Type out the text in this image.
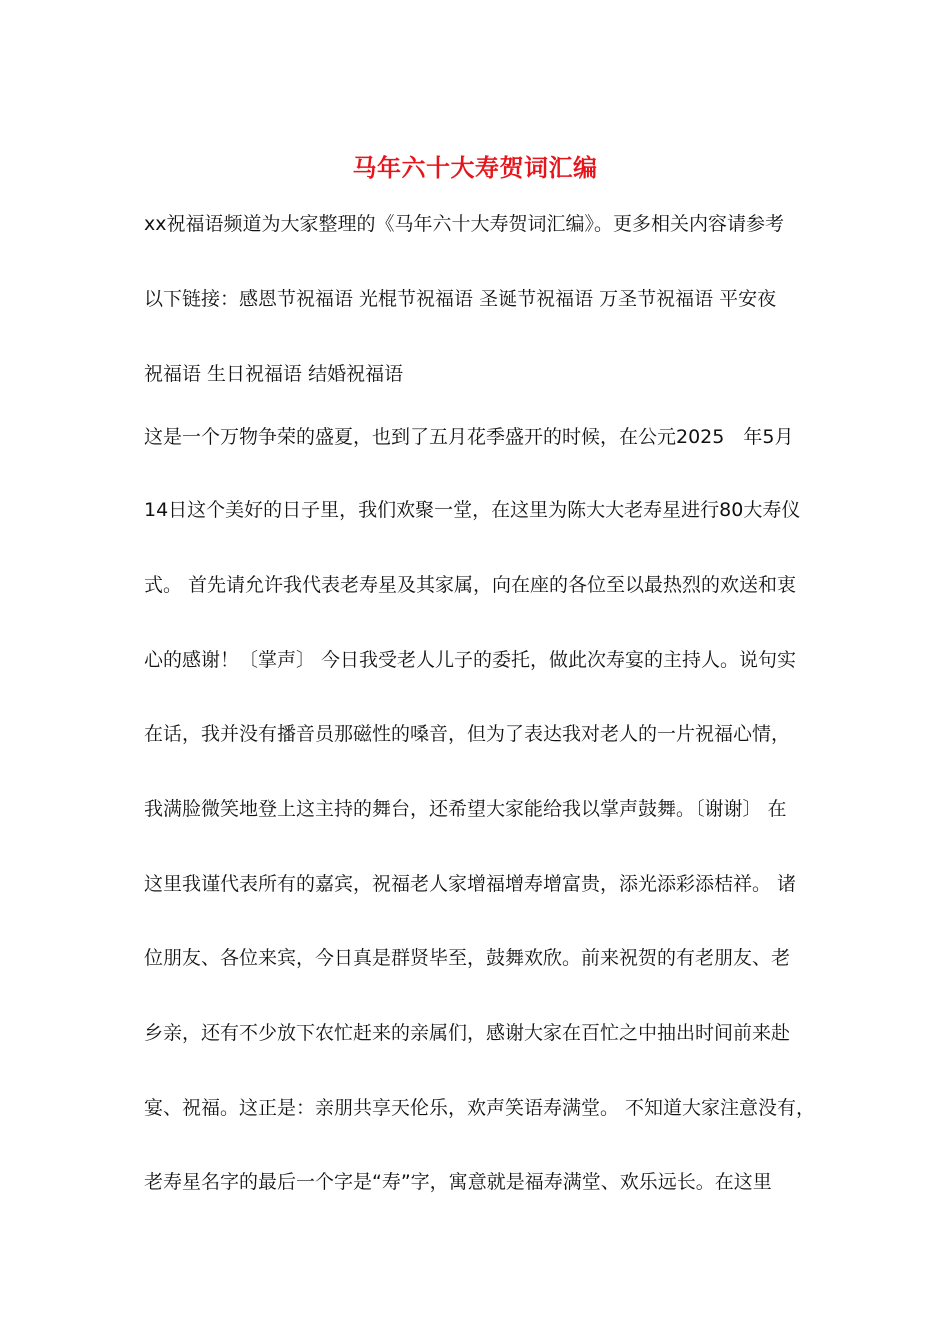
马年六十大寿贺词汇编
xx祝福语频道为大家整理的《马年六十大寿贺词汇编》。更多相关内容请参考
以下链接：感恩节祝福语 光棍节祝福语 圣诞节祝福语 万圣节祝福语 平安夜
祝福语 生日祝福语 结婚祝福语
这是一个万物争荣的盛夏，也到了五月花季盛开的时候，在公元2025　年5月
14日这个美好的日子里，我们欢聚一堂，在这里为陈大大老寿星进行80大寿仪
式。 首先请允许我代表老寿星及其家属，向在座的各位至以最热烈的欢送和衷
心的感谢！〔掌声〕 今日我受老人儿子的委托，做此次寿宴的主持人。说句实
在话，我并没有播音员那磁性的嗓音，但为了表达我对老人的一片祝福心情，
我满脸微笑地登上这主持的舞台，还希望大家能给我以掌声鼓舞。〔谢谢〕 在
这里我谨代表所有的嘉宾，祝福老人家增福增寿增富贵，添光添彩添桔祥。 诸
位朋友、各位来宾，今日真是群贤毕至，鼓舞欢欣。前来祝贺的有老朋友、老
乡亲，还有不少放下农忙赶来的亲属们，感谢大家在百忙之中抽出时间前来赴
宴、祝福。这正是：亲朋共享天伦乐，欢声笑语寿满堂。 不知道大家注意没有，
老寿星名字的最后一个字是“寿”字，寓意就是福寿满堂、欢乐远长。在这里
